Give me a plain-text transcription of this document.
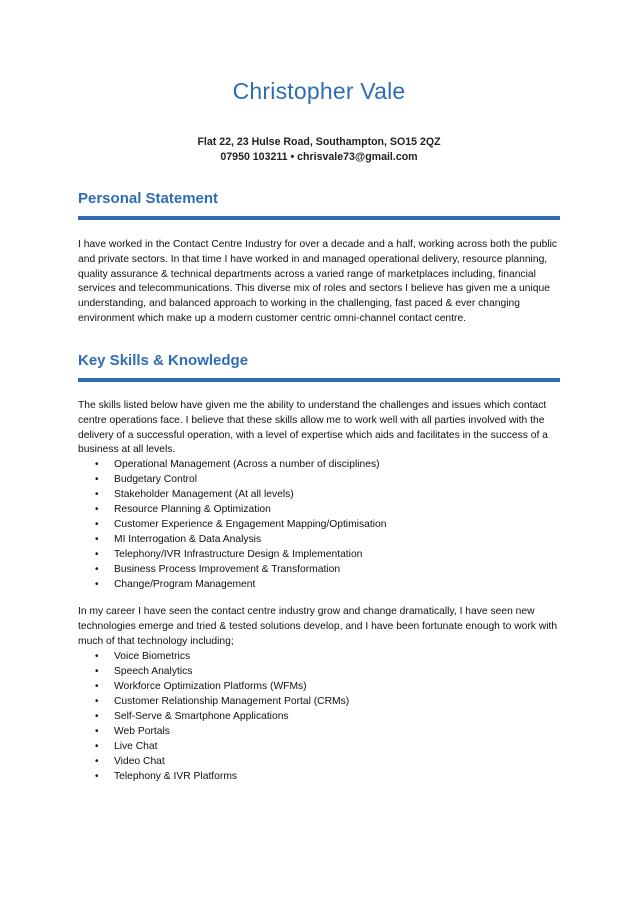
Christopher Vale
Flat 22, 23 Hulse Road, Southampton, SO15 2QZ
07950 103211 • chrisvale73@gmail.com
Personal Statement
I have worked in the Contact Centre Industry for over a decade and a half, working across both the public and private sectors. In that time I have worked in and managed operational delivery, resource planning, quality assurance & technical departments across a varied range of marketplaces including, financial services and telecommunications. This diverse mix of roles and sectors I believe has given me a unique understanding, and balanced approach to working in the challenging, fast paced & ever changing environment which make up a modern customer centric omni-channel contact centre.
Key Skills & Knowledge
The skills listed below have given me the ability to understand the challenges and issues which contact centre operations face. I believe that these skills allow me to work well with all parties involved with the delivery of a successful operation, with a level of expertise which aids and facilitates in the success of a business at all levels.
• Operational Management (Across a number of disciplines)
• Budgetary Control
• Stakeholder Management (At all levels)
• Resource Planning & Optimization
• Customer Experience & Engagement Mapping/Optimisation
• MI Interrogation & Data Analysis
• Telephony/IVR Infrastructure Design & Implementation
• Business Process Improvement & Transformation
• Change/Program Management
In my career I have seen the contact centre industry grow and change dramatically, I have seen new technologies emerge and tried & tested solutions develop, and I have been fortunate enough to work with much of that technology including;
• Voice Biometrics
• Speech Analytics
• Workforce Optimization Platforms (WFMs)
• Customer Relationship Management Portal (CRMs)
• Self-Serve & Smartphone Applications
• Web Portals
• Live Chat
• Video Chat
• Telephony & IVR Platforms
